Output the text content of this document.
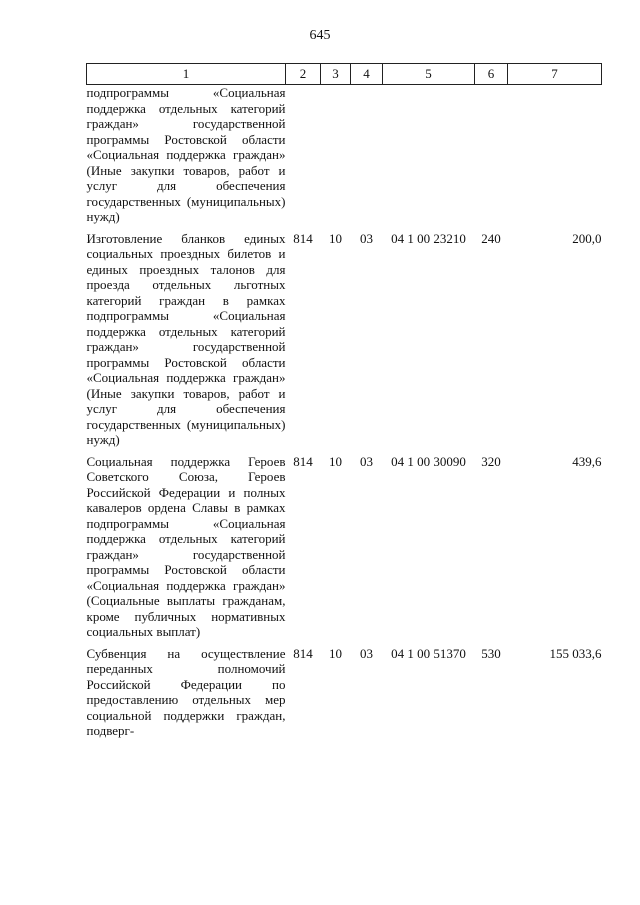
645
1	2	3	4	5	6	7
подпрограммы «Социальная поддержка отдельных категорий граждан» государственной программы Ростовской области «Социальная поддержка граждан» (Иные закупки товаров, работ и услуг для обеспечения государственных (муниципальных) нужд)						
Изготовление бланков единых социальных проездных билетов и единых проездных талонов для проезда отдельных льготных категорий граждан в рамках подпрограммы «Социальная поддержка отдельных категорий граждан» государственной программы Ростовской области «Социальная поддержка граждан» (Иные закупки товаров, работ и услуг для обеспечения государственных (муниципальных) нужд)	814	10	03	04 1 00 23210	240	200,0
Социальная поддержка Героев Советского Союза, Героев Российской Федерации и полных кавалеров ордена Славы в рамках подпрограммы «Социальная поддержка отдельных категорий граждан» государственной программы Ростовской области «Социальная поддержка граждан» (Социальные выплаты гражданам, кроме публичных нормативных социальных выплат)	814	10	03	04 1 00 30090	320	439,6
Субвенция на осуществление переданных полномочий Российской Федерации по предоставлению отдельных мер социальной поддержки граждан, подверг-	814	10	03	04 1 00 51370	530	155 033,6
